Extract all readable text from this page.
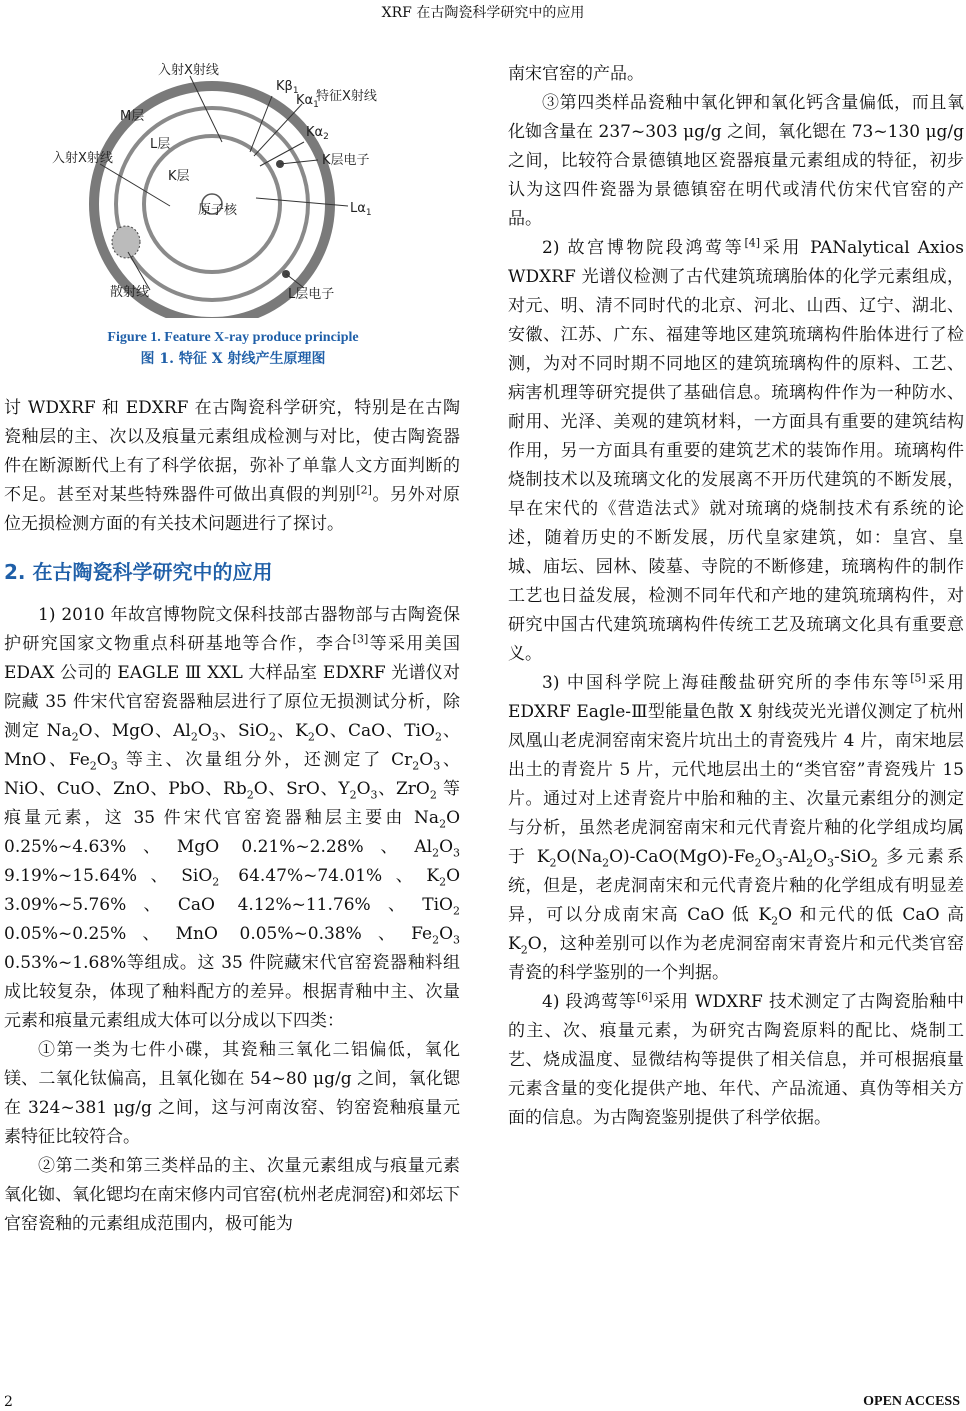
XRF 在古陶瓷科学研究中的应用
入射X射线
入射X射线
M层
L层
K层
原子核
$K\beta_1$
$K\alpha_1$
特征X射线
$K\alpha_2$
K层电子
$L\alpha_1$
散射线	L层电子
Figure 1. Feature X-ray produce principle
图 1. 特征 X 射线产生原理图

讨 WDXRF 和 EDXRF 在古陶瓷科学研究，特别是在古陶瓷釉层的主、次以及痕量元素组成检测与对比，使古陶瓷器件在断源断代上有了科学依据，弥补了单靠人文方面判断的不足。甚至对某些特殊器件可做出真假的判别[2]。另外对原位无损检测方面的有关技术问题进行了探讨。

2. 在古陶瓷科学研究中的应用

1) 2010 年故宫博物院文保科技部古器物部与古陶瓷保护研究国家文物重点科研基地等合作，李合[3]等采用美国 EDAX 公司的 EAGLE Ⅲ XXL 大样品室 EDXRF 光谱仪对院藏 35 件宋代官窑瓷器釉层进行了原位无损测试分析，除测定 $Na_2O$、MgO、$Al_2O_3$、SiO$_2$、$K_2O$、CaO、TiO$_2$、MnO、$Fe_2O_3$ 等主、次量组分外，还测定了 $Cr_2O_3$、NiO、CuO、ZnO、PbO、$Rb_2O$、SrO、$Y_2O_3$、ZrO$_2$ 等痕量元素，这 35 件宋代官窑瓷器釉层主要由 $Na_2O$ 0.25%~4.63%、MgO 0.21%~2.28%、$Al_2O_3$ 9.19%~15.64%、SiO$_2$ 64.47%~74.01%、$K_2O$ 3.09%~5.76%、CaO 4.12%~11.76%、TiO$_2$ 0.05%~0.25%、MnO 0.05%~0.38%、$Fe_2O_3$ 0.53%~1.68%等组成。这 35 件院藏宋代官窑瓷器釉料组成比较复杂，体现了釉料配方的差异。根据青釉中主、次量元素和痕量元素组成大体可以分成以下四类：

①第一类为七件小碟，其瓷釉三氧化二铝偏低，氧化镁、二氧化钛偏高，且氧化铷在 54~80 μg/g 之间，氧化锶在 324~381 μg/g 之间，这与河南汝窑、钧窑瓷釉痕量元素特征比较符合。

②第二类和第三类样品的主、次量元素组成与痕量元素氧化铷、氧化锶均在南宋修内司官窑(杭州老虎洞窑)和郊坛下官窑瓷釉的元素组成范围内，极可能为

南宋官窑的产品。

③第四类样品瓷釉中氧化钾和氧化钙含量偏低，而且氧化铷含量在 237~303 μg/g 之间，氧化锶在 73~130 μg/g 之间，比较符合景德镇地区瓷器痕量元素组成的特征，初步认为这四件瓷器为景德镇窑在明代或清代仿宋代官窑的产品。

2) 故宫博物院段鸿莺等[4]采用 PANalytical Axios WDXRF 光谱仪检测了古代建筑琉璃胎体的化学元素组成，对元、明、清不同时代的北京、河北、山西、辽宁、湖北、安徽、江苏、广东、福建等地区建筑琉璃构件胎体进行了检测，为对不同时期不同地区的建筑琉璃构件的原料、工艺、病害机理等研究提供了基础信息。琉璃构件作为一种防水、耐用、光泽、美观的建筑材料，一方面具有重要的建筑结构作用，另一方面具有重要的建筑艺术的装饰作用。琉璃构件烧制技术以及琉璃文化的发展离不开历代建筑的不断发展，早在宋代的《营造法式》就对琉璃的烧制技术有系统的论述，随着历史的不断发展，历代皇家建筑，如：皇宫、皇城、庙坛、园林、陵墓、寺院的不断修建，琉璃构件的制作工艺也日益发展，检测不同年代和产地的建筑琉璃构件，对研究中国古代建筑琉璃构件传统工艺及琉璃文化具有重要意义。

3) 中国科学院上海硅酸盐研究所的李伟东等[5]采用 EDXRF Eagle-Ⅲ型能量色散 X 射线荧光光谱仪测定了杭州凤凰山老虎洞窑南宋瓷片坑出土的青瓷残片 4 片，南宋地层出土的青瓷片 5 片，元代地层出土的“类官窑”青瓷残片 15 片。通过对上述青瓷片中胎和釉的主、次量元素组分的测定与分析，虽然老虎洞窑南宋和元代青瓷片釉的化学组成均属于 $K_2O(Na_2O)-CaO(MgO)-Fe_2O_3-Al_2O_3-SiO_2$ 多元素系统，但是，老虎洞南宋和元代青瓷片釉的化学组成有明显差异，可以分成南宋高 CaO 低 $K_2O$ 和元代的低 CaO 高 $K_2O$，这种差别可以作为老虎洞窑南宋青瓷片和元代类官窑青瓷的科学鉴别的一个判据。

4) 段鸿莺等[6]采用 WDXRF 技术测定了古陶瓷胎釉中的主、次、痕量元素，为研究古陶瓷原料的配比、烧制工艺、烧成温度、显微结构等提供了相关信息，并可根据痕量元素含量的变化提供产地、年代、产品流通、真伪等相关方面的信息。为古陶瓷鉴别提供了科学依据。

2	OPEN ACCESS
